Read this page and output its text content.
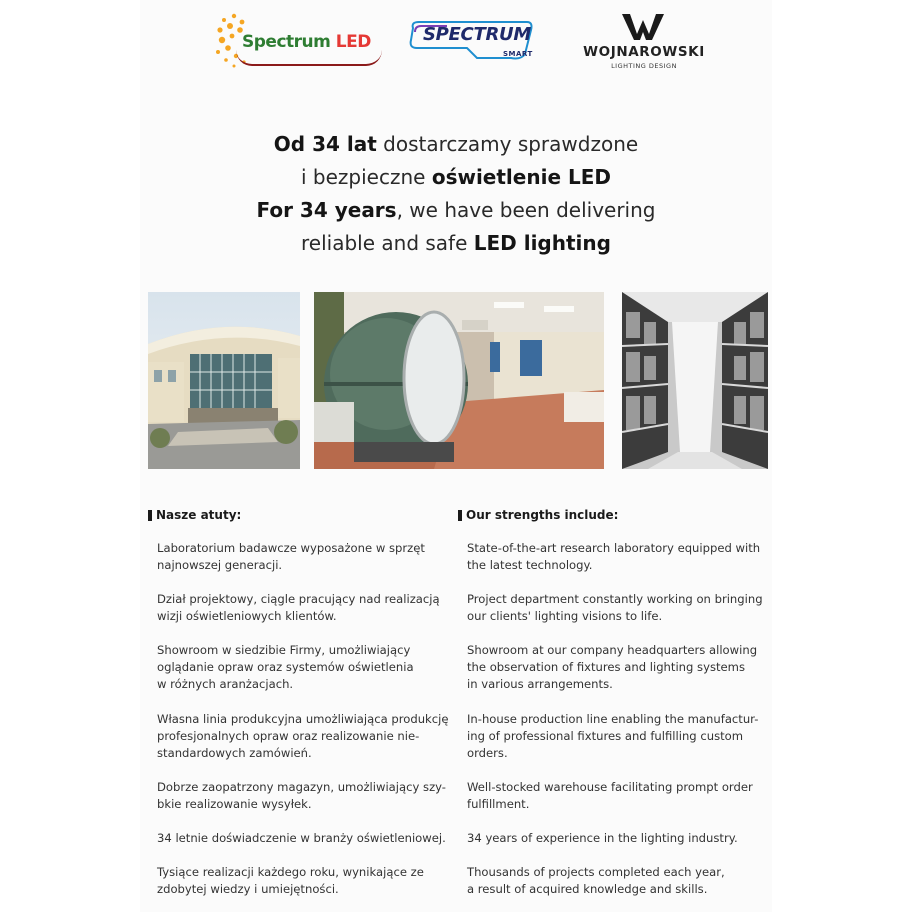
Spectrum LED	SPECTRUM
SMART	WOJNAROWSKI
LIGHTING DESIGN
Od 34 lat dostarczamy sprawdzone
i bezpieczne oświetlenie LED
For 34 years, we have been delivering
reliable and safe LED lighting
Nasze atuty:
Laboratorium badawcze wyposażone w sprzęt
najnowszej generacji.
Dział projektowy, ciągle pracujący nad realizacją
wizji oświetleniowych klientów.
Showroom w siedzibie Firmy, umożliwiający
oglądanie opraw oraz systemów oświetlenia
w różnych aranżacjach.
Własna linia produkcyjna umożliwiająca produkcję
profesjonalnych opraw oraz realizowanie nie-
standardowych zamówień.
Dobrze zaopatrzony magazyn, umożliwiający szy-
bkie realizowanie wysyłek.
34 letnie doświadczenie w branży oświetleniowej.
Tysiące realizacji każdego roku, wynikające ze
zdobytej wiedzy i umiejętności.
Our strengths include:
State-of-the-art research laboratory equipped with
the latest technology.
Project department constantly working on bringing
our clients' lighting visions to life.
Showroom at our company headquarters allowing
the observation of fixtures and lighting systems
in various arrangements.
In-house production line enabling the manufactur-
ing of professional fixtures and fulfilling custom
orders.
Well-stocked warehouse facilitating prompt order
fulfillment.
34 years of experience in the lighting industry.
Thousands of projects completed each year,
a result of acquired knowledge and skills.
